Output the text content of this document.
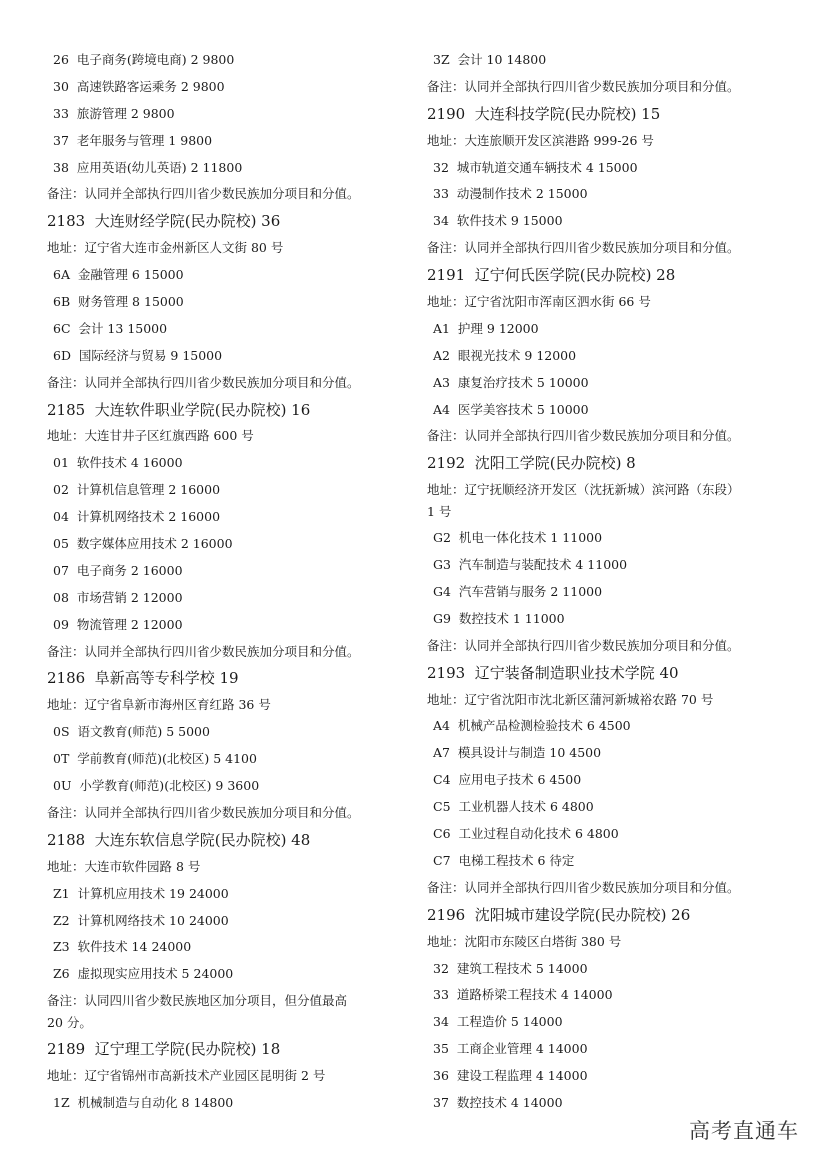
26  电子商务(跨境电商) 2 9800
30  高速铁路客运乘务 2 9800
33  旅游管理 2 9800
37  老年服务与管理 1 9800
38  应用英语(幼儿英语) 2 11800
备注：认同并全部执行四川省少数民族加分项目和分值。
2183  大连财经学院(民办院校) 36
地址：辽宁省大连市金州新区人文街 80 号
6A  金融管理 6 15000
6B  财务管理 8 15000
6C  会计 13 15000
6D  国际经济与贸易 9 15000
备注：认同并全部执行四川省少数民族加分项目和分值。
2185  大连软件职业学院(民办院校) 16
地址：大连甘井子区红旗西路 600 号
01  软件技术 4 16000
02  计算机信息管理 2 16000
04  计算机网络技术 2 16000
05  数字媒体应用技术 2 16000
07  电子商务 2 16000
08  市场营销 2 12000
09  物流管理 2 12000
备注：认同并全部执行四川省少数民族加分项目和分值。
2186  阜新高等专科学校 19
地址：辽宁省阜新市海州区育红路 36 号
0S  语文教育(师范) 5 5000
0T  学前教育(师范)(北校区) 5 4100
0U  小学教育(师范)(北校区) 9 3600
备注：认同并全部执行四川省少数民族加分项目和分值。
2188  大连东软信息学院(民办院校) 48
地址：大连市软件园路 8 号
Z1  计算机应用技术 19 24000
Z2  计算机网络技术 10 24000
Z3  软件技术 14 24000
Z6  虚拟现实应用技术 5 24000
备注：认同四川省少数民族地区加分项目，但分值最高
20 分。
2189  辽宁理工学院(民办院校) 18
地址：辽宁省锦州市高新技术产业园区昆明街 2 号
1Z  机械制造与自动化 8 14800
3Z  会计 10 14800
备注：认同并全部执行四川省少数民族加分项目和分值。
2190  大连科技学院(民办院校) 15
地址：大连旅顺开发区滨港路 999-26 号
32  城市轨道交通车辆技术 4 15000
33  动漫制作技术 2 15000
34  软件技术 9 15000
备注：认同并全部执行四川省少数民族加分项目和分值。
2191  辽宁何氏医学院(民办院校) 28
地址：辽宁省沈阳市浑南区泗水街 66 号
A1  护理 9 12000
A2  眼视光技术 9 12000
A3  康复治疗技术 5 10000
A4  医学美容技术 5 10000
备注：认同并全部执行四川省少数民族加分项目和分值。
2192  沈阳工学院(民办院校) 8
地址：辽宁抚顺经济开发区（沈抚新城）滨河路（东段）
1 号
G2  机电一体化技术 1 11000
G3  汽车制造与装配技术 4 11000
G4  汽车营销与服务 2 11000
G9  数控技术 1 11000
备注：认同并全部执行四川省少数民族加分项目和分值。
2193  辽宁装备制造职业技术学院 40
地址：辽宁省沈阳市沈北新区蒲河新城裕农路 70 号
A4  机械产品检测检验技术 6 4500
A7  模具设计与制造 10 4500
C4  应用电子技术 6 4500
C5  工业机器人技术 6 4800
C6  工业过程自动化技术 6 4800
C7  电梯工程技术 6 待定
备注：认同并全部执行四川省少数民族加分项目和分值。
2196  沈阳城市建设学院(民办院校) 26
地址：沈阳市东陵区白塔街 380 号
32  建筑工程技术 5 14000
33  道路桥梁工程技术 4 14000
34  工程造价 5 14000
35  工商企业管理 4 14000
36  建设工程监理 4 14000
37  数控技术 4 14000
高考直通车
